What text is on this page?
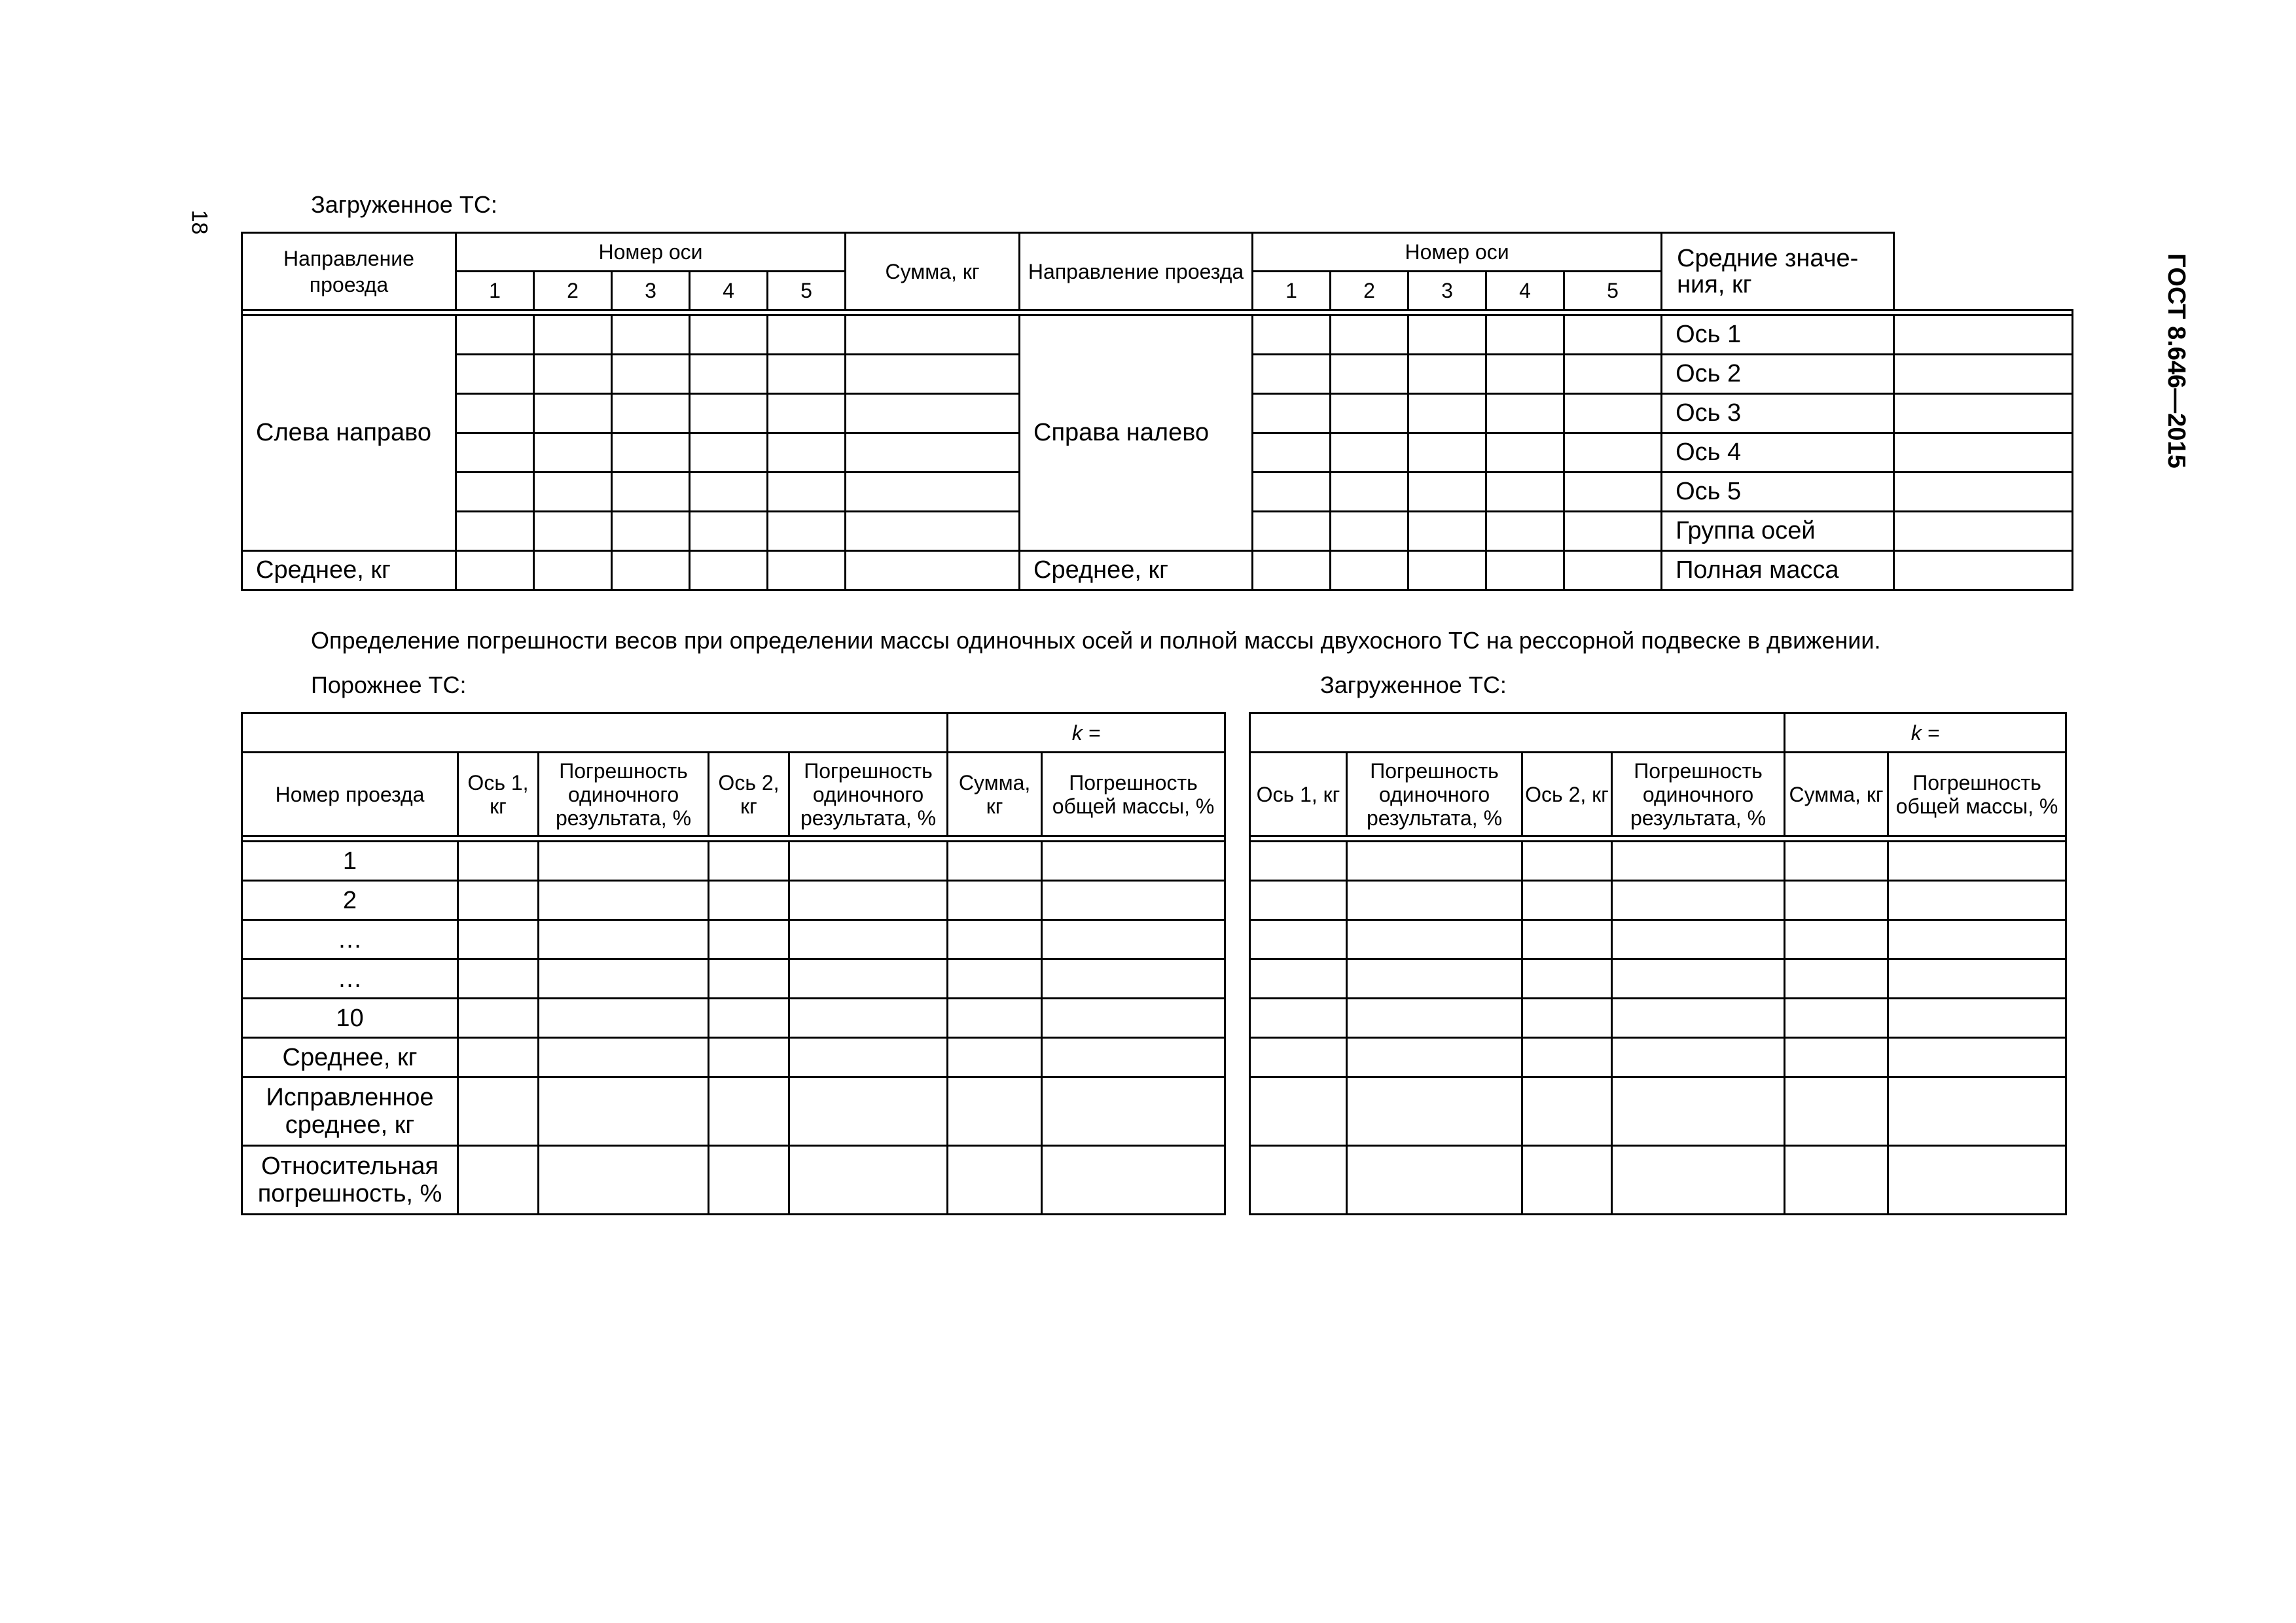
18
ГОСТ 8.646—2015
Загруженное ТС:
Направление проезда	Номер оси					Сумма, кг	Направление проезда	Номер оси					Средние значе-ния, кг	
	1	2	3	4	5			1	2	3	4	5		

Слева направо							Справа налево						Ось 1	
													Ось 2	
													Ось 3	
													Ось 4	
													Ось 5	
													Группа осей	
Среднее, кг							Среднее, кг						Полная масса	
Определение погрешности весов при определении массы одиночных осей и полной массы двухосного ТС на рессорной подвеске в движении.
Порожнее ТС:
					k =	
Номер проезда	Ось 1, кг	Погрешность одиночного результата, %	Ось 2, кг	Погрешность одиночного результата, %	Сумма, кг	Погрешность общей массы, %

1						
2						
…						
…						
10						
Среднее, кг						
Исправленное среднее, кг						
Относительная погрешность, %						
Загруженное ТС:
				k =	
Ось 1, кг	Погрешность одиночного результата, %	Ось 2, кг	Погрешность одиночного результата, %	Сумма, кг	Погрешность общей массы, %
